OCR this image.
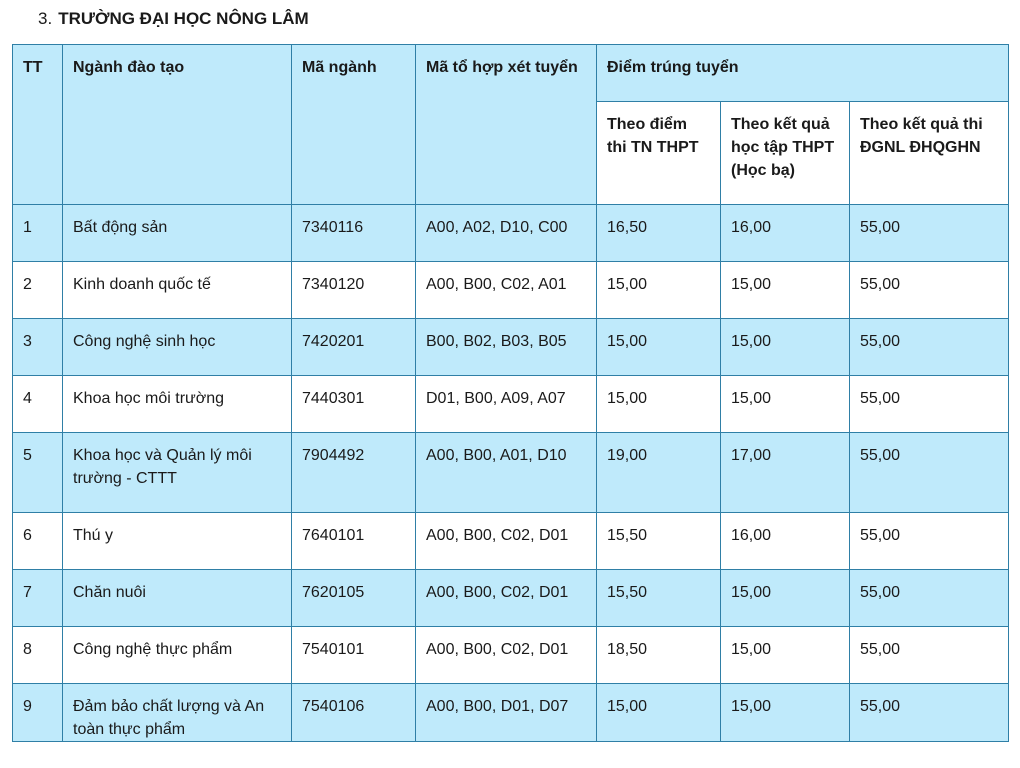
3. TRƯỜNG ĐẠI HỌC NÔNG LÂM
TT	Ngành đào tạo	Mã ngành	Mã tổ hợp xét tuyển	Điểm trúng tuyển		
				Theo điểm thi TN THPT	Theo kết quả học tập THPT (Học bạ)	Theo kết quả thi ĐGNL ĐHQGHN
1	Bất động sản	7340116	A00, A02, D10, C00	16,50	16,00	55,00
2	Kinh doanh quốc tế	7340120	A00, B00, C02, A01	15,00	15,00	55,00
3	Công nghệ sinh học	7420201	B00, B02, B03, B05	15,00	15,00	55,00
4	Khoa học môi trường	7440301	D01, B00, A09, A07	15,00	15,00	55,00
5	Khoa học và Quản lý môi trường - CTTT	7904492	A00, B00, A01, D10	19,00	17,00	55,00
6	Thú y	7640101	A00, B00, C02, D01	15,50	16,00	55,00
7	Chăn nuôi	7620105	A00, B00, C02, D01	15,50	15,00	55,00
8	Công nghệ thực phẩm	7540101	A00, B00, C02, D01	18,50	15,00	55,00
9	Đảm bảo chất lượng và An toàn thực phẩm	7540106	A00, B00, D01, D07	15,00	15,00	55,00
